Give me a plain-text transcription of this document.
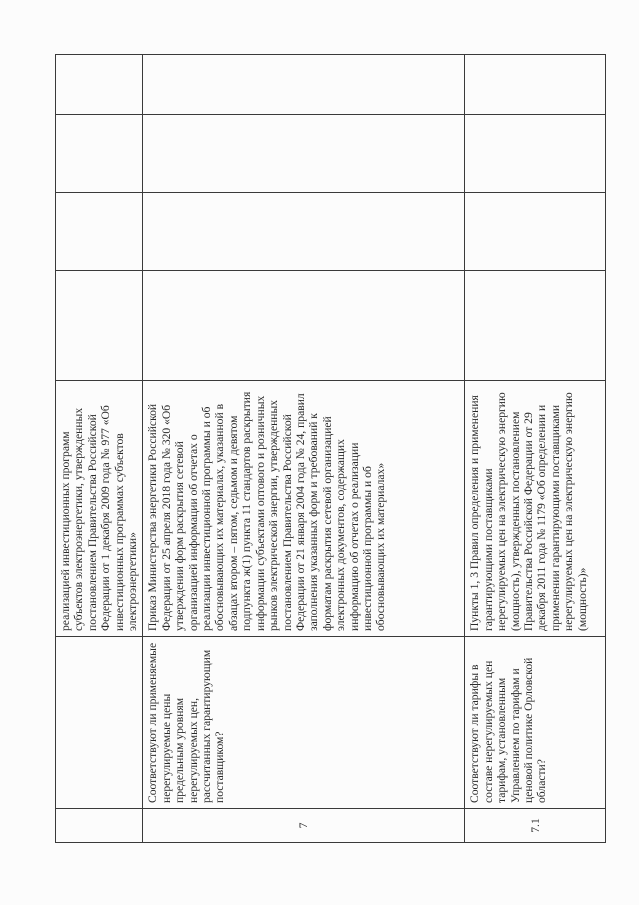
		реализацией инвестиционных программ субъектов электроэнергетики, утвержденных постановлением Правительства Российской Федерации от 1 декабря 2009 года № 977 «Об инвестиционных программах субъектов электроэнергетики»				
7	Соответствуют ли применяемые нерегулируемые цены предельным уровням нерегулируемых цен, рассчитанных гарантирующим поставщиком?	Приказ Министерства энергетики Российской Федерации от 25 апреля 2018 года № 320 «Об утверждении форм раскрытия сетевой организацией информации об отчетах о реализации инвестиционной программы и об обосновывающих их материалах, указанной в абзацах втором – пятом, седьмом и девятом подпункта ж(1) пункта 11 стандартов раскрытия информации субъектами оптового и розничных рынков электрической энергии, утвержденных постановлением Правительства Российской Федерации от 21 января 2004 года № 24, правил заполнения указанных форм и требований к форматам раскрытия сетевой организацией электронных документов, содержащих информацию об отчетах о реализации инвестиционной программы и об обосновывающих их материалах»				
7.1	Соответствуют ли тарифы в составе нерегулируемых цен тарифам, установленным Управлением по тарифам и ценовой политике Орловской области?	Пункты 1, 3 Правил определения и применения гарантирующими поставщиками нерегулируемых цен на электрическую энергию (мощность), утвержденных постановлением Правительства Российской Федерации от 29 декабря 2011 года № 1179 «Об определении и применении гарантирующими поставщиками нерегулируемых цен на электрическую энергию (мощность)»				
